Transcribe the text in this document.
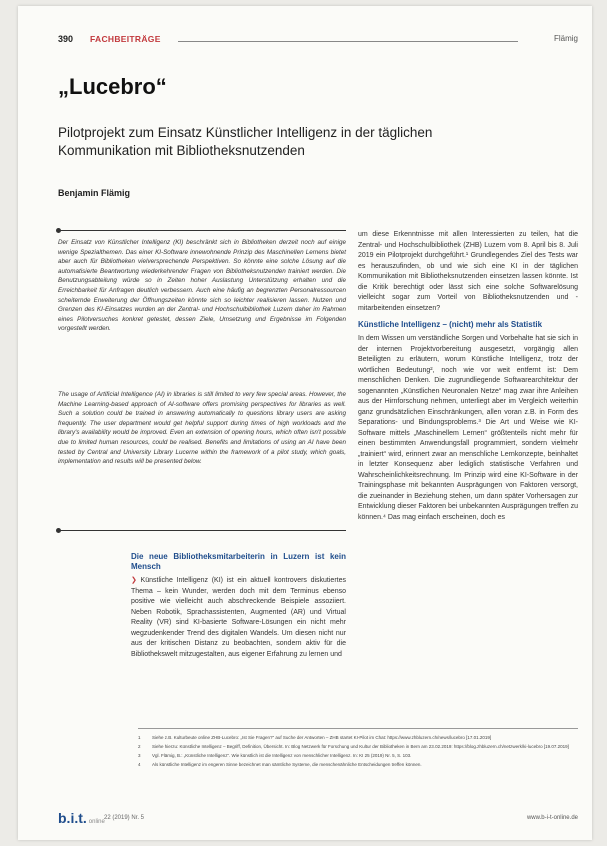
390 FACHBEITRÄGE	Flämig
„Lucebro“
Pilotprojekt zum Einsatz Künstlicher Intelligenz in der täglichen Kommunikation mit Bibliotheksnutzenden
Benjamin Flämig
Der Einsatz von Künstlicher Intelligenz (KI) beschränkt sich in Bibliotheken derzeit noch auf einige wenige Spezialthemen. Das einer KI-Software innewohnende Prinzip des Maschinellen Lernens bietet aber auch für Bibliotheken vielversprechende Perspektiven. So könnte eine solche Lösung auf die automatisierte Beantwortung wiederkehrender Fragen von Bibliotheksnutzenden trainiert werden. Die Benutzungsabteilung würde so in Zeiten hoher Auslastung Unterstützung erhalten und die Erreichbarkeit für Anfragen deutlich verbessern. Auch eine häufig an begrenzten Personalressourcen scheiternde Erweiterung der Öffnungszeiten könnte sich so leichter realisieren lassen. Nutzen und Grenzen des KI-Einsatzes wurden an der Zentral- und Hochschulbibliothek Luzern daher im Rahmen eines Pilotversuches konkret getestet, dessen Ziele, Umsetzung und Ergebnisse im Folgenden vorgestellt werden.
The usage of Artificial Intelligence (AI) in libraries is still limited to very few special areas. However, the Machine Learning-based approach of AI-software offers promising perspectives for libraries as well. Such a solution could be trained in answering automatically to questions library users are asking frequently. The user department would get helpful support during times of high workloads and the library's availability would be improved. Even an extension of opening hours, which often isn't possible due to limited human resources, could be realised. Benefits and limitations of using an AI have been tested by Central and University Library Lucerne within the framework of a pilot study, which goals, implementation and results will be presented below.

Die neue Bibliotheksmitarbeiterin in Luzern ist kein Mensch

❯ Künstliche Intelligenz (KI) ist ein aktuell kontrovers diskutiertes Thema – kein Wunder, werden doch mit dem Terminus ebenso positive wie vielleicht auch abschreckende Beispiele assoziiert. Neben Robotik, Sprachassistenten, Augmented (AR) und Virtual Reality (VR) sind KI-basierte Software-Lösungen ein nicht mehr wegzudenkender Trend des digitalen Wandels. Um diesen nicht nur aus der kritischen Distanz zu beobachten, sondern aktiv für die Bibliothekswelt mitzugestalten, aus eigener Erfahrung zu lernen und

um diese Erkenntnisse mit allen Interessierten zu teilen, hat die Zentral- und Hochschulbibliothek (ZHB) Luzern vom 8. April bis 8. Juli 2019 ein Pilotprojekt durchgeführt.¹ Grundlegendes Ziel des Tests war es herauszufinden, ob und wie sich eine KI in der täglichen Kommunikation mit Bibliotheksnutzenden einsetzen lassen könnte. Ist die Kritik berechtigt oder lässt sich eine solche Softwarelösung vielleicht sogar zum Vorteil von Bibliotheksnutzenden und -mitarbeitenden einsetzen?

Künstliche Intelligenz – (nicht) mehr als Statistik

In dem Wissen um verständliche Sorgen und Vorbehalte hat sie sich in der internen Projektvorbereitung ausgesetzt, vorgängig allen Beteiligten zu erläutern, worum Künstliche Intelligenz, trotz der wörtlichen Bedeutung², noch wie vor weit entfernt ist: Dem menschlichen Denken. Die zugrundliegende Softwarearchitektur der sogenannten „Künstlichen Neuronalen Netze“ mag zwar ihre Anleihen aus der Hirnforschung nehmen, unterliegt aber im Vergleich weiterhin ganz grundsätzlichen Einschränkungen, allen voran z.B. in Form des Separations- und Bindungsproblems.³ Die Art und Weise wie KI-Software mittels „Maschinellem Lernen“ größtenteils nicht mehr für einen bestimmten Anwendungsfall programmiert, sondern vielmehr „trainiert“ wird, erinnert zwar an menschliche Lernkonzepte, beinhaltet in letzter Konsequenz aber lediglich statistische Verfahren und Wahrscheinlichkeitsrechnung. Im Prinzip wird eine KI-Software in der Trainingsphase mit bekannten Ausprägungen von Faktoren versorgt, die zueinander in Beziehung stehen, um dann später Vorhersagen zur Entwicklung dieser Faktoren bei unbekannten Ausprägungen treffen zu können.⁴ Das mag einfach erscheinen, doch es

1	Siehe z.B. Kulturbeute online ZHB-Lucebro: „Ist Sie Fragen?“ auf Suche der Antworten – ZHB startet KI-Pilot im Chat: https://www.zhbluzern.ch/news/lucebro [17.01.2019]
2	Siehe hierzu: Künstliche Intelligenz – Begriff, Definition, Übersicht. In: Blog Netzwerk für Forschung und Kultur der Bibliotheken in Bern am 23.02.2019: https://blog.zhbluzern.ch/netzwerk/ki-lucebro [19.07.2019]
3	Vgl. Flämig, B.: „Künstliche Intelligenz“. Wie künstlich ist die Intelligenz von menschlicher Intelligenz. In: KI 25 (2019) Nr. 5, S. 103.
4	Als künstliche Intelligenz im engeren Sinne bezeichnet man sämtliche Systeme, die menschenähnliche Entscheidungen treffen können.
b.i.t. online
22 (2019) Nr. 5	www.b-i-t-online.de
